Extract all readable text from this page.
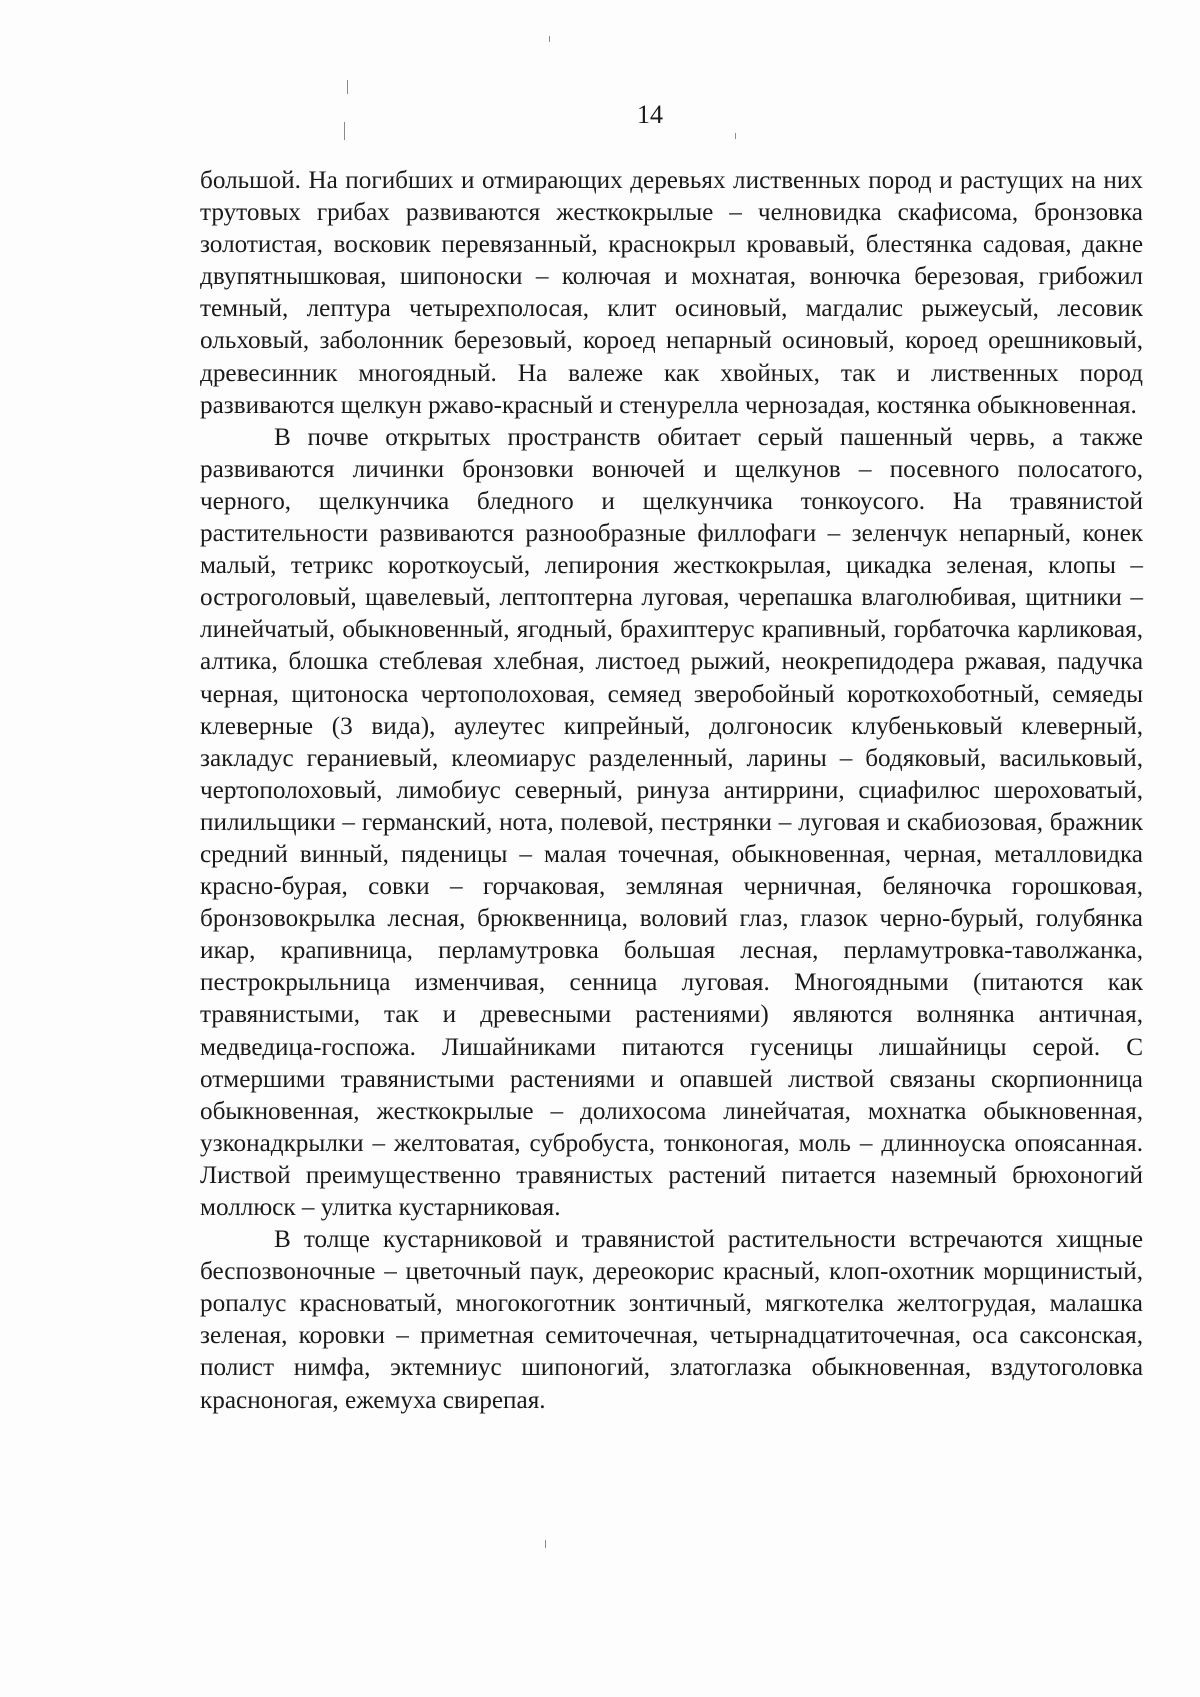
14

большой. На погибших и отмирающих деревьях лиственных пород и растущих на них трутовых грибах развиваются жесткокрылые – челновидка скафисома, бронзовка золотистая, восковик перевязанный, краснокрыл кровавый, блестянка садовая, дакне двупятнышковая, шипоноски – колючая и мохнатая, вонючка березовая, грибожил темный, лептура четырехполосая, клит осиновый, магдалис рыжеусый, лесовик ольховый, заболонник березовый, короед непарный осиновый, короед орешниковый, древесинник многоядный. На валеже как хвойных, так и лиственных пород развиваются щелкун ржаво-красный и стенурелла чернозадая, костянка обыкновенная.

В почве открытых пространств обитает серый пашенный червь, а также развиваются личинки бронзовки вонючей и щелкунов – посевного полосатого, черного, щелкунчика бледного и щелкунчика тонкоусого. На травянистой растительности развиваются разнообразные филлофаги – зеленчук непарный, конек малый, тетрикс короткоусый, лепирония жесткокрылая, цикадка зеленая, клопы – остроголовый, щавелевый, лептоптерна луговая, черепашка влаголюбивая, щитники – линейчатый, обыкновенный, ягодный, брахиптерус крапивный, горбаточка карликовая, алтика, блошка стеблевая хлебная, листоед рыжий, неокрепидодера ржавая, падучка черная, щитоноска чертополоховая, семяед зверобойный короткохоботный, семяеды клеверные (3 вида), аулеутес кипрейный, долгоносик клубеньковый клеверный, закладус гераниевый, клеомиарус разделенный, ларины – бодяковый, васильковый, чертополоховый, лимобиус северный, ринуза антиррини, сциафилюс шероховатый, пилильщики – германский, нота, полевой, пестрянки – луговая и скабиозовая, бражник средний винный, пяденицы – малая точечная, обыкновенная, черная, металловидка красно-бурая, совки – горчаковая, земляная черничная, беляночка горошковая, бронзовокрылка лесная, брюквенница, воловий глаз, глазок черно-бурый, голубянка икар, крапивница, перламутровка большая лесная, перламутровка-таволжанка, пестрокрыльница изменчивая, сенница луговая. Многоядными (питаются как травянистыми, так и древесными растениями) являются волнянка античная, медведица-госпожа. Лишайниками питаются гусеницы лишайницы серой. С отмершими травянистыми растениями и опавшей листвой связаны скорпионница обыкновенная, жесткокрылые – долихосома линейчатая, мохнатка обыкновенная, узконадкрылки – желтоватая, субробуста, тонконогая, моль – длинноуска опоясанная. Листвой преимущественно травянистых растений питается наземный брюхоногий моллюск – улитка кустарниковая.

В толще кустарниковой и травянистой растительности встречаются хищные беспозвоночные – цветочный паук, дереокорис красный, клоп-охотник морщинистый, ропалус красноватый, многокоготник зонтичный, мягкотелка желтогрудая, малашка зеленая, коровки – приметная семиточечная, четырнадцатиточечная, оса саксонская, полист нимфа, эктемниус шипоногий, златоглазка обыкновенная, вздутоголовка красноногая, ежемуха свирепая.
